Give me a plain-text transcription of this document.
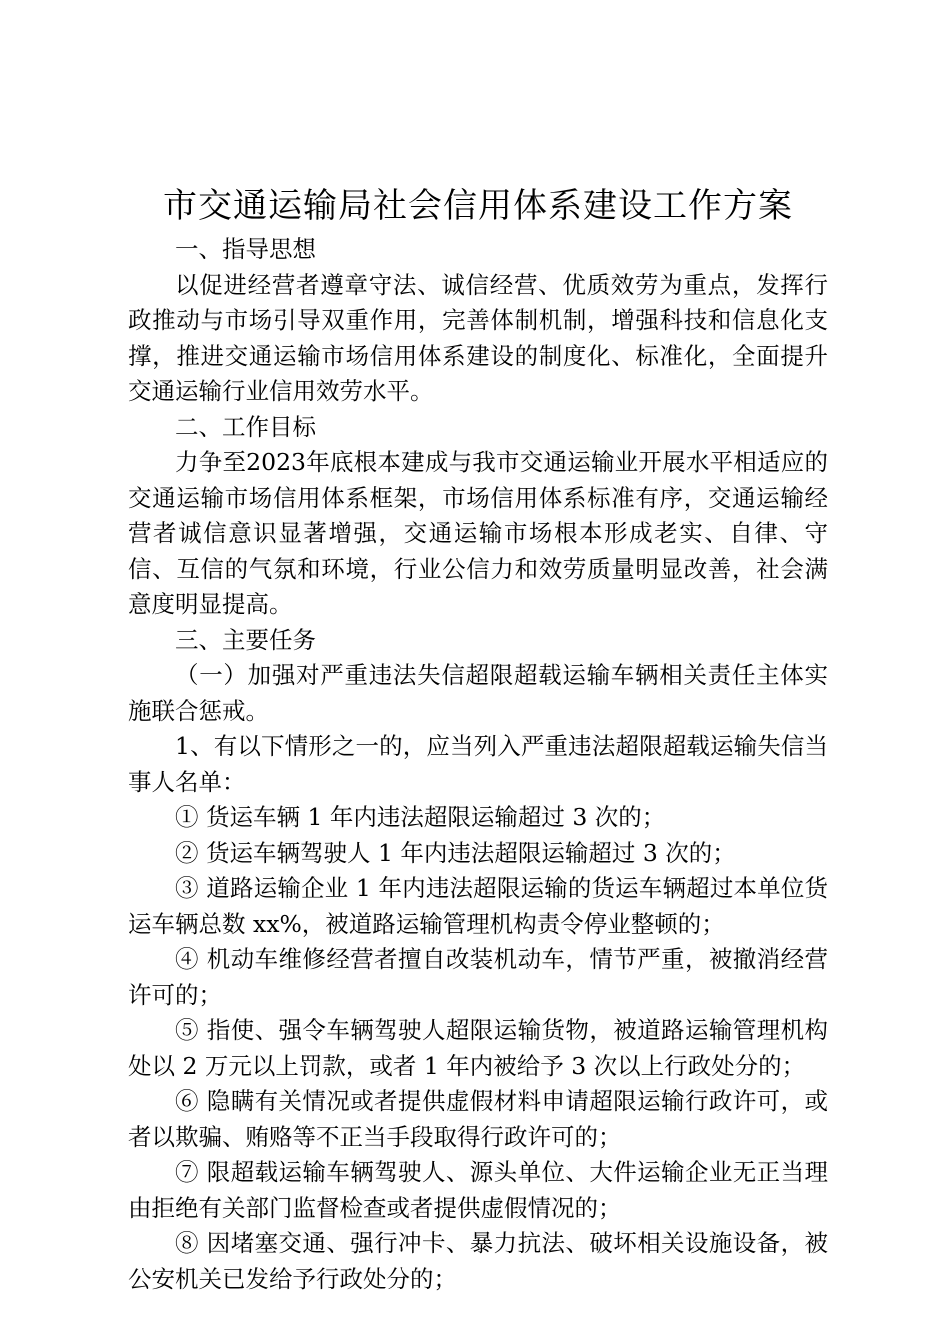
市交通运输局社会信用体系建设工作方案

一、指导思想

以促进经营者遵章守法、诚信经营、优质效劳为重点，发挥行政推动与市场引导双重作用，完善体制机制，增强科技和信息化支撑，推进交通运输市场信用体系建设的制度化、标准化，全面提升交通运输行业信用效劳水平。

二、工作目标

力争至2023年底根本建成与我市交通运输业开展水平相适应的交通运输市场信用体系框架，市场信用体系标准有序，交通运输经营者诚信意识显著增强，交通运输市场根本形成老实、自律、守信、互信的气氛和环境，行业公信力和效劳质量明显改善，社会满意度明显提高。

三、主要任务

（一）加强对严重违法失信超限超载运输车辆相关责任主体实施联合惩戒。

1、有以下情形之一的，应当列入严重违法超限超载运输失信当事人名单：

① 货运车辆 1 年内违法超限运输超过 3 次的；

② 货运车辆驾驶人 1 年内违法超限运输超过 3 次的；

③ 道路运输企业 1 年内违法超限运输的货运车辆超过本单位货运车辆总数 xx%，被道路运输管理机构责令停业整顿的；

④ 机动车维修经营者擅自改装机动车，情节严重，被撤消经营许可的；

⑤ 指使、强令车辆驾驶人超限运输货物，被道路运输管理机构处以 2 万元以上罚款，或者 1 年内被给予 3 次以上行政处分的；

⑥ 隐瞒有关情况或者提供虚假材料申请超限运输行政许可，或者以欺骗、贿赂等不正当手段取得行政许可的；

⑦ 限超载运输车辆驾驶人、源头单位、大件运输企业无正当理由拒绝有关部门监督检查或者提供虚假情况的；

⑧ 因堵塞交通、强行冲卡、暴力抗法、破坏相关设施设备，被公安机关已发给予行政处分的；
